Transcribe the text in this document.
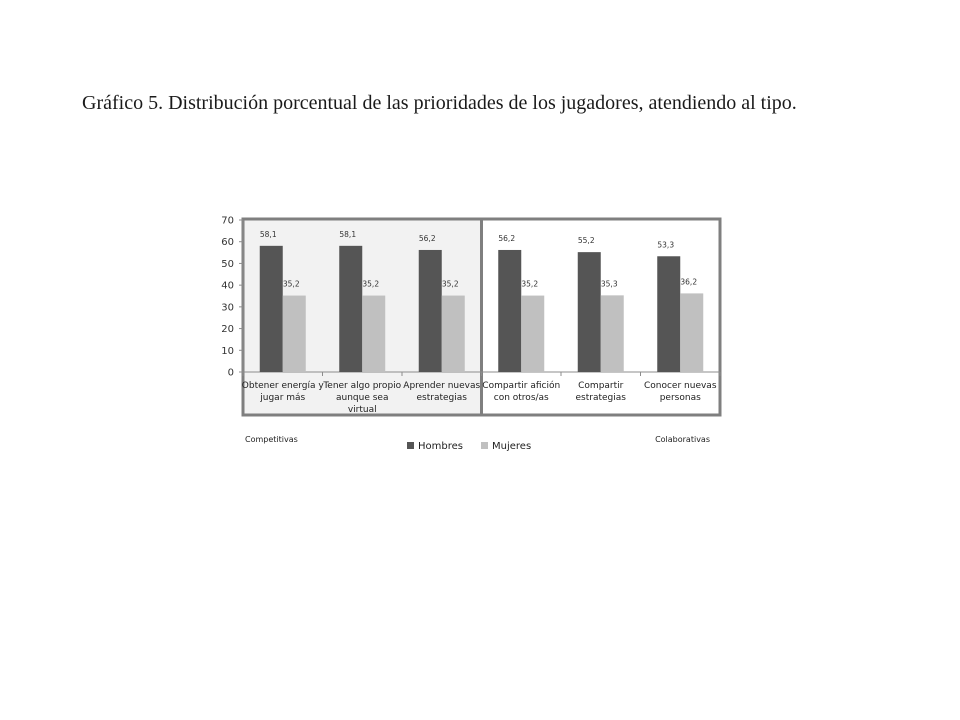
Gráfico 5. Distribución porcentual de las prioridades de los jugadores, atendiendo al tipo.

0
10
20
30
40
50
60
70
58,1
35,2
Obtener energía y
jugar más
58,1
35,2
Tener algo propio
aunque sea
virtual
56,2
35,2
Aprender nuevas
estrategias
56,2
35,2
Compartir afición
con otros/as
55,2
35,3
Compartir
estrategias
53,3
36,2
Conocer nuevas
personas
Competitivas	Colaborativas
Hombres	Mujeres
